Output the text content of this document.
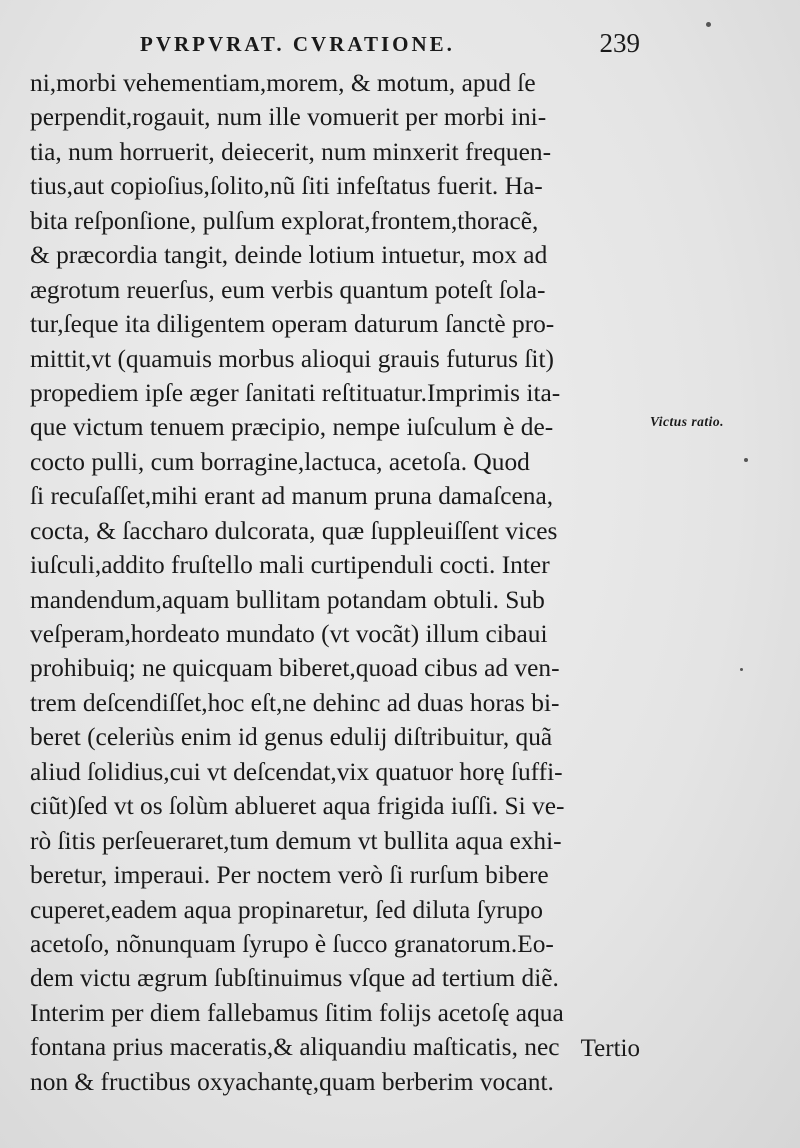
PVRPVRAT. CVRATIONE.	239
ni,morbi vehementiam,morem, & motum, apud ſe
perpendit,rogauit, num ille vomuerit per morbi ini-
tia, num horruerit, deiecerit, num minxerit frequen-
tius,aut copioſius,ſolito,nũ ſiti infeſtatus fuerit. Ha-
bita reſponſione, pulſum explorat,frontem,thoracẽ,
& præcordia tangit, deinde lotium intuetur, mox ad
ægrotum reuerſus, eum verbis quantum poteſt ſola-
tur,ſeque ita diligentem operam daturum ſanctè pro-
mittit,vt (quamuis morbus alioqui grauis futurus ſit)
propediem ipſe æger ſanitati reſtituatur.Imprimis ita-
que victum tenuem præcipio, nempe iuſculum è de-
cocto pulli, cum borragine,lactuca, acetoſa. Quod
ſi recuſaſſet,mihi erant ad manum pruna damaſcena,
cocta, & ſaccharo dulcorata, quæ ſuppleuiſſent vices
iuſculi,addito fruſtello mali curtipenduli cocti. Inter
mandendum,aquam bullitam potandam obtuli. Sub
veſperam,hordeato mundato (vt vocãt) illum cibaui
prohibuiq; ne quicquam biberet,quoad cibus ad ven-
trem deſcendiſſet,hoc eſt,ne dehinc ad duas horas bi-
beret (celeriùs enim id genus edulij diſtribuitur, quã
aliud ſolidius,cui vt deſcendat,vix quatuor horę ſuffi-
ciũt)ſed vt os ſolùm ablueret aqua frigida iuſſi. Si ve-
rò ſitis perſeueraret,tum demum vt bullita aqua exhi-
beretur, imperaui. Per noctem verò ſi rurſum bibere
cuperet,eadem aqua propinaretur, ſed diluta ſyrupo
acetoſo, nõnunquam ſyrupo è ſucco granatorum.Eo-
dem victu ægrum ſubſtinuimus vſque ad tertium diẽ.
Interim per diem fallebamus ſitim folijs acetoſę aqua
fontana prius maceratis,& aliquandiu maſticatis, nec
non & fructibus oxyachantę,quam berberim vocant.
Victus ratio.
Tertio
